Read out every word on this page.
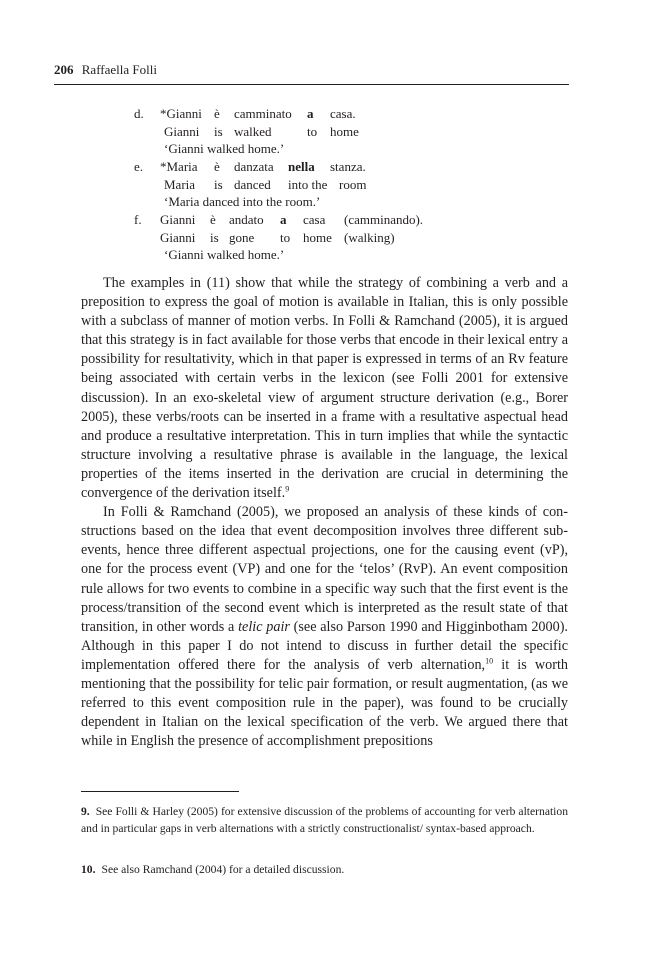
206 Raffaella Folli
d. *Gianni è camminato a casa.
Gianni is walked	to home
‘Gianni walked home.’
e. *Maria è danzata nella stanza.
Maria is danced into the room
‘Maria danced into the room.’
f. Gianni è andato a casa (camminando).
Gianni is gone to home (walking)
‘Gianni walked home.’

The examples in (11) show that while the strategy of combining a verb and a preposition to express the goal of motion is available in Italian, this is only possible with a subclass of manner of motion verbs. In Folli & Ramchand (2005), it is argued that this strategy is in fact available for those verbs that encode in their lexical entry a possibility for resultativity, which in that paper is expressed in terms of an Rv feature being associated with certain verbs in the lexicon (see Folli 2001 for extensive discussion). In an exo-skeletal view of argument structure derivation (e.g., Borer 2005), these verbs/roots can be inserted in a frame with a resultative aspectual head and produce a resultative interpretation. This in turn implies that while the syntactic structure involving a resultative phrase is available in the language, the lexical properties of the items inserted in the derivation are crucial in determining the convergence of the derivation itself.$^9$

In Folli & Ramchand (2005), we proposed an analysis of these kinds of constructions based on the idea that event decomposition involves three different subevents, hence three different aspectual projections, one for the causing event (vP), one for the process event (VP) and one for the ‘telos’ (RvP). An event composition rule allows for two events to combine in a specific way such that the first event is the process/transition of the second event which is interpreted as the result state of that transition, in other words a telic pair (see also Parson 1990 and Higginbotham 2000). Although in this paper I do not intend to discuss in further detail the specific implementation offered there for the analysis of verb alternation,$^{10}$ it is worth mentioning that the possibility for telic pair formation, or result augmentation, (as we referred to this event composition rule in the paper), was found to be crucially dependent in Italian on the lexical specification of the verb. We argued there that while in English the presence of accomplishment prepositions

9. See Folli & Harley (2005) for extensive discussion of the problems of accounting for verb alternation and in particular gaps in verb alternations with a strictly constructionalist/ syntax-based approach.
10. See also Ramchand (2004) for a detailed discussion.
